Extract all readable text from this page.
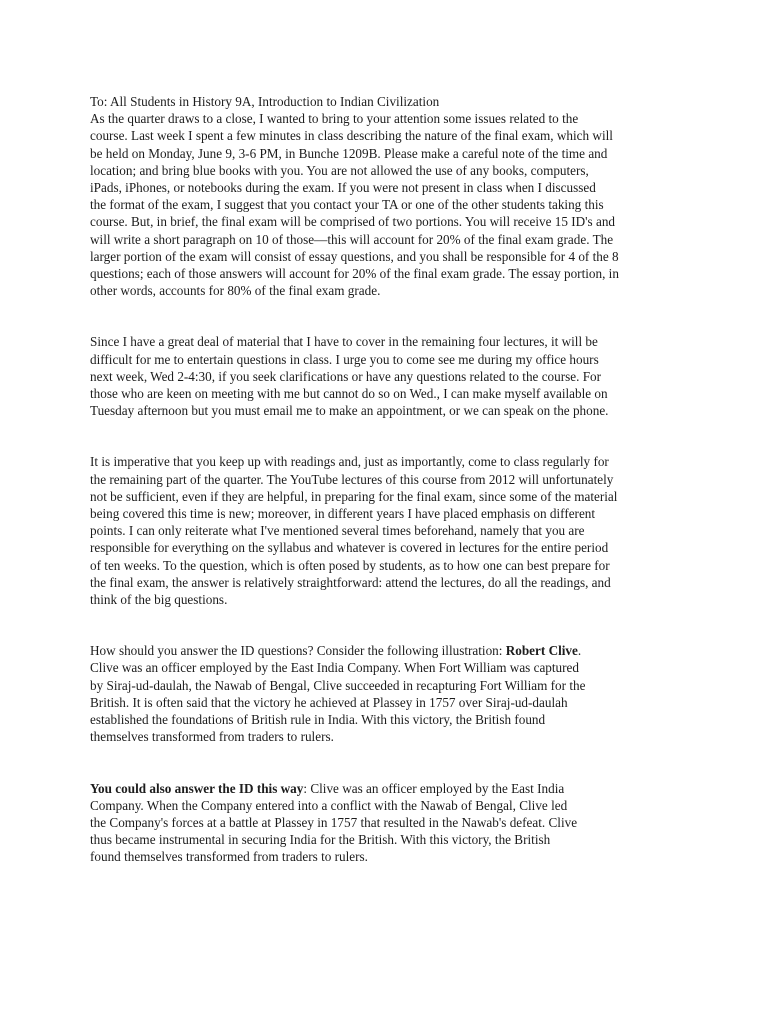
To: All Students in History 9A, Introduction to Indian Civilization

As the quarter draws to a close, I wanted to bring to your attention some issues related to the
course. Last week I spent a few minutes in class describing the nature of the final exam, which will
be held on Monday, June 9, 3-6 PM, in Bunche 1209B. Please make a careful note of the time and
location; and bring blue books with you. You are not allowed the use of any books, computers,
iPads, iPhones, or notebooks during the exam. If you were not present in class when I discussed
the format of the exam, I suggest that you contact your TA or one of the other students taking this
course. But, in brief, the final exam will be comprised of two portions. You will receive 15 ID's and
will write a short paragraph on 10 of those—this will account for 20% of the final exam grade. The
larger portion of the exam will consist of essay questions, and you shall be responsible for 4 of the 8
questions; each of those answers will account for 20% of the final exam grade. The essay portion, in
other words, accounts for 80% of the final exam grade.

Since I have a great deal of material that I have to cover in the remaining four lectures, it will be
difficult for me to entertain questions in class. I urge you to come see me during my office hours
next week, Wed 2-4:30, if you seek clarifications or have any questions related to the course. For
those who are keen on meeting with me but cannot do so on Wed., I can make myself available on
Tuesday afternoon but you must email me to make an appointment, or we can speak on the phone.

It is imperative that you keep up with readings and, just as importantly, come to class regularly for
the remaining part of the quarter. The YouTube lectures of this course from 2012 will unfortunately
not be sufficient, even if they are helpful, in preparing for the final exam, since some of the material
being covered this time is new; moreover, in different years I have placed emphasis on different
points. I can only reiterate what I've mentioned several times beforehand, namely that you are
responsible for everything on the syllabus and whatever is covered in lectures for the entire period
of ten weeks. To the question, which is often posed by students, as to how one can best prepare for
the final exam, the answer is relatively straightforward: attend the lectures, do all the readings, and
think of the big questions.

How should you answer the ID questions? Consider the following illustration: Robert Clive.
Clive was an officer employed by the East India Company. When Fort William was captured
by Siraj-ud-daulah, the Nawab of Bengal, Clive succeeded in recapturing Fort William for the
British. It is often said that the victory he achieved at Plassey in 1757 over Siraj-ud-daulah
established the foundations of British rule in India. With this victory, the British found
themselves transformed from traders to rulers.

You could also answer the ID this way: Clive was an officer employed by the East India
Company. When the Company entered into a conflict with the Nawab of Bengal, Clive led
the Company's forces at a battle at Plassey in 1757 that resulted in the Nawab's defeat. Clive
thus became instrumental in securing India for the British. With this victory, the British
found themselves transformed from traders to rulers.
